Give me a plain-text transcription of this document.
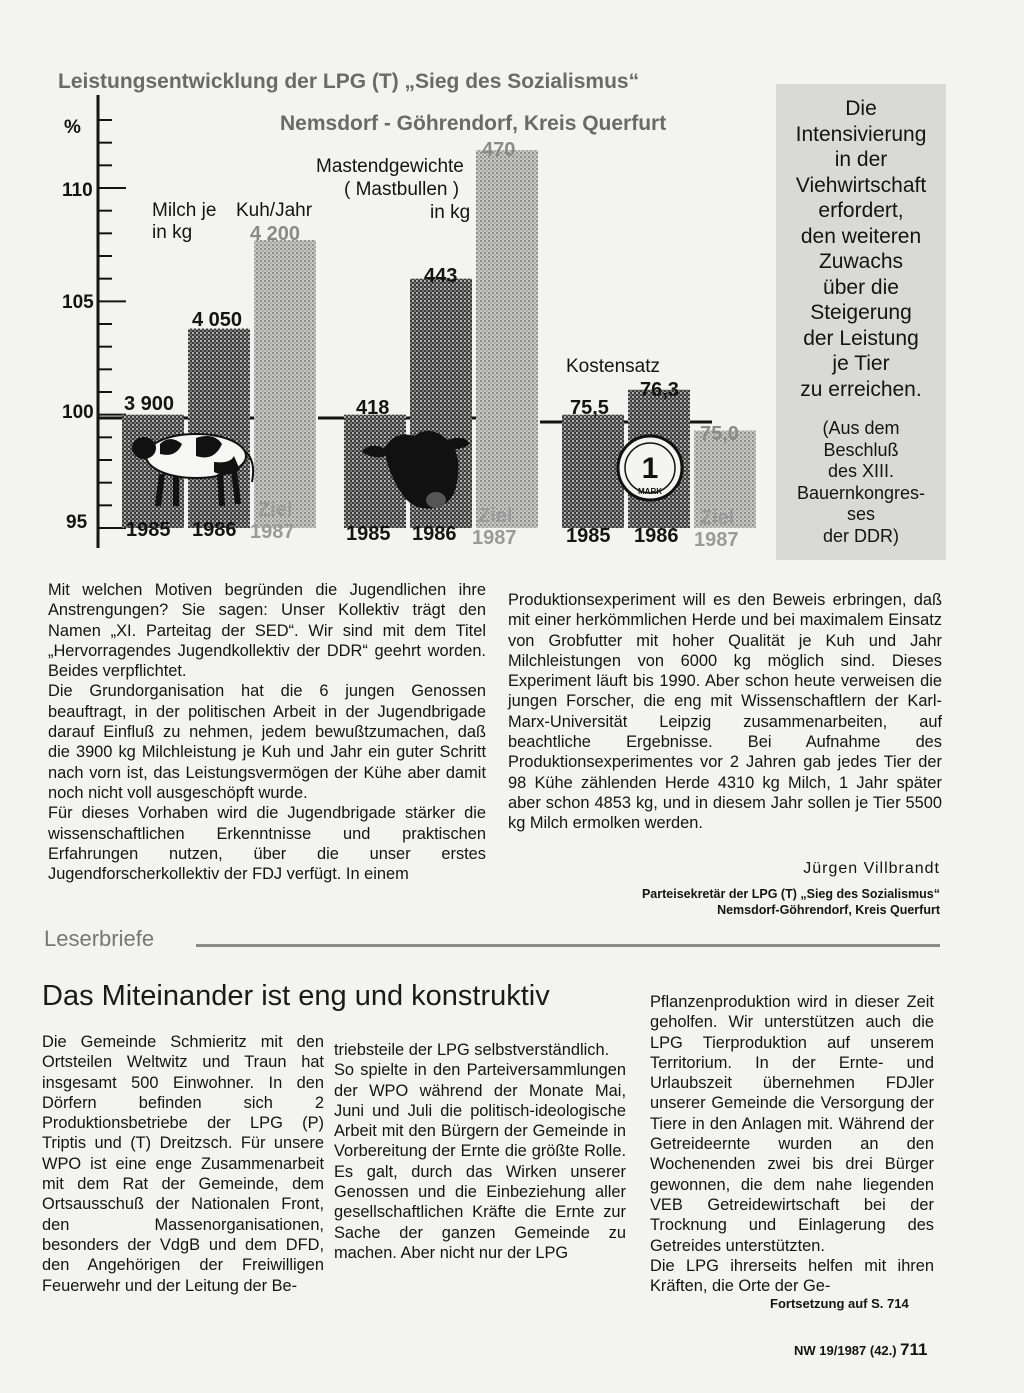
Leistungsentwicklung der LPG (T) „Sieg des Sozialismus“
Nemsdorf - Göhrendorf, Kreis Querfurt
%
110
105
100
95
Milch je Kuh/Jahr
in kg
Mastendgewichte
( Mastbullen )
in kg
Kostensatz
3 900
4 050
4 200
418
443
470
75,5
76,3
75,0
1
MARK
1985 1986
Ziel
1987	1985 1986
Ziel
1987 1985 1986
Ziel
1987
Die
Intensivierung
in der
Viehwirtschaft
erfordert,
den weiteren
Zuwachs
über die
Steigerung
der Leistung
je Tier
zu erreichen.
(Aus dem
Beschluß
des XIII.
Bauernkongres-
ses
der DDR)

Mit welchen Motiven begründen die Jugendlichen ihre Anstrengungen? Sie sagen: Unser Kollektiv trägt den Namen „XI. Parteitag der SED“. Wir sind mit dem Titel „Hervorragendes Jugendkollektiv der DDR“ geehrt worden. Beides verpflichtet.

Die Grundorganisation hat die 6 jungen Genossen beauftragt, in der politischen Arbeit in der Jugendbrigade darauf Einfluß zu nehmen, jedem bewußtzumachen, daß die 3900 kg Milchleistung je Kuh und Jahr ein guter Schritt nach vorn ist, das Leistungsvermögen der Kühe aber damit noch nicht voll ausgeschöpft wurde.

Für dieses Vorhaben wird die Jugendbrigade stärker die wissenschaftlichen Erkenntnisse und praktischen Erfahrungen nutzen, über die unser erstes Jugendforscherkollektiv der FDJ verfügt. In einem

Produktionsexperiment will es den Beweis erbringen, daß mit einer herkömmlichen Herde und bei maximalem Einsatz von Grobfutter mit hoher Qualität je Kuh und Jahr Milchleistungen von 6000 kg möglich sind. Dieses Experiment läuft bis 1990. Aber schon heute verweisen die jungen Forscher, die eng mit Wissenschaftlern der Karl-Marx-Universität Leipzig zusammenarbeiten, auf beachtliche Ergebnisse. Bei Aufnahme des Produktionsexperimentes vor 2 Jahren gab jedes Tier der 98 Kühe zählenden Herde 4310 kg Milch, 1 Jahr später aber schon 4853 kg, und in diesem Jahr sollen je Tier 5500 kg Milch ermolken werden.

Jürgen Villbrandt
Parteisekretär der LPG (T) „Sieg des Sozialismus“
Nemsdorf-Göhrendorf, Kreis Querfurt
Leserbriefe
Das Miteinander ist eng und konstruktiv

Die Gemeinde Schmieritz mit den Ortsteilen Weltwitz und Traun hat insgesamt 500 Einwohner. In den Dörfern befinden sich 2 Produktionsbetriebe der LPG (P) Triptis und (T) Dreitzsch. Für unsere WPO ist eine enge Zusammenarbeit mit dem Rat der Gemeinde, dem Ortsausschuß der Nationalen Front, den Massenorganisationen, besonders der VdgB und dem DFD, den Angehörigen der Freiwilligen Feuerwehr und der Leitung der Be-

triebsteile der LPG selbstverständlich.

So spielte in den Parteiversammlungen der WPO während der Monate Mai, Juni und Juli die politisch-ideologische Arbeit mit den Bürgern der Gemeinde in Vorbereitung der Ernte die größte Rolle. Es galt, durch das Wirken unserer Genossen und die Einbeziehung aller gesellschaftlichen Kräfte die Ernte zur Sache der ganzen Gemeinde zu machen. Aber nicht nur der LPG

Pflanzenproduktion wird in dieser Zeit geholfen. Wir unterstützen auch die LPG Tierproduktion auf unserem Territorium. In der Ernte- und Urlaubszeit übernehmen FDJler unserer Gemeinde die Versorgung der Tiere in den Anlagen mit. Während der Getreideernte wurden an den Wochenenden zwei bis drei Bürger gewonnen, die dem nahe liegenden VEB Getreidewirtschaft bei der Trocknung und Einlagerung des Getreides unterstützten.

Die LPG ihrerseits helfen mit ihren Kräften, die Orte der Ge-

Fortsetzung auf S. 714
NW 19/1987 (42.) 711
